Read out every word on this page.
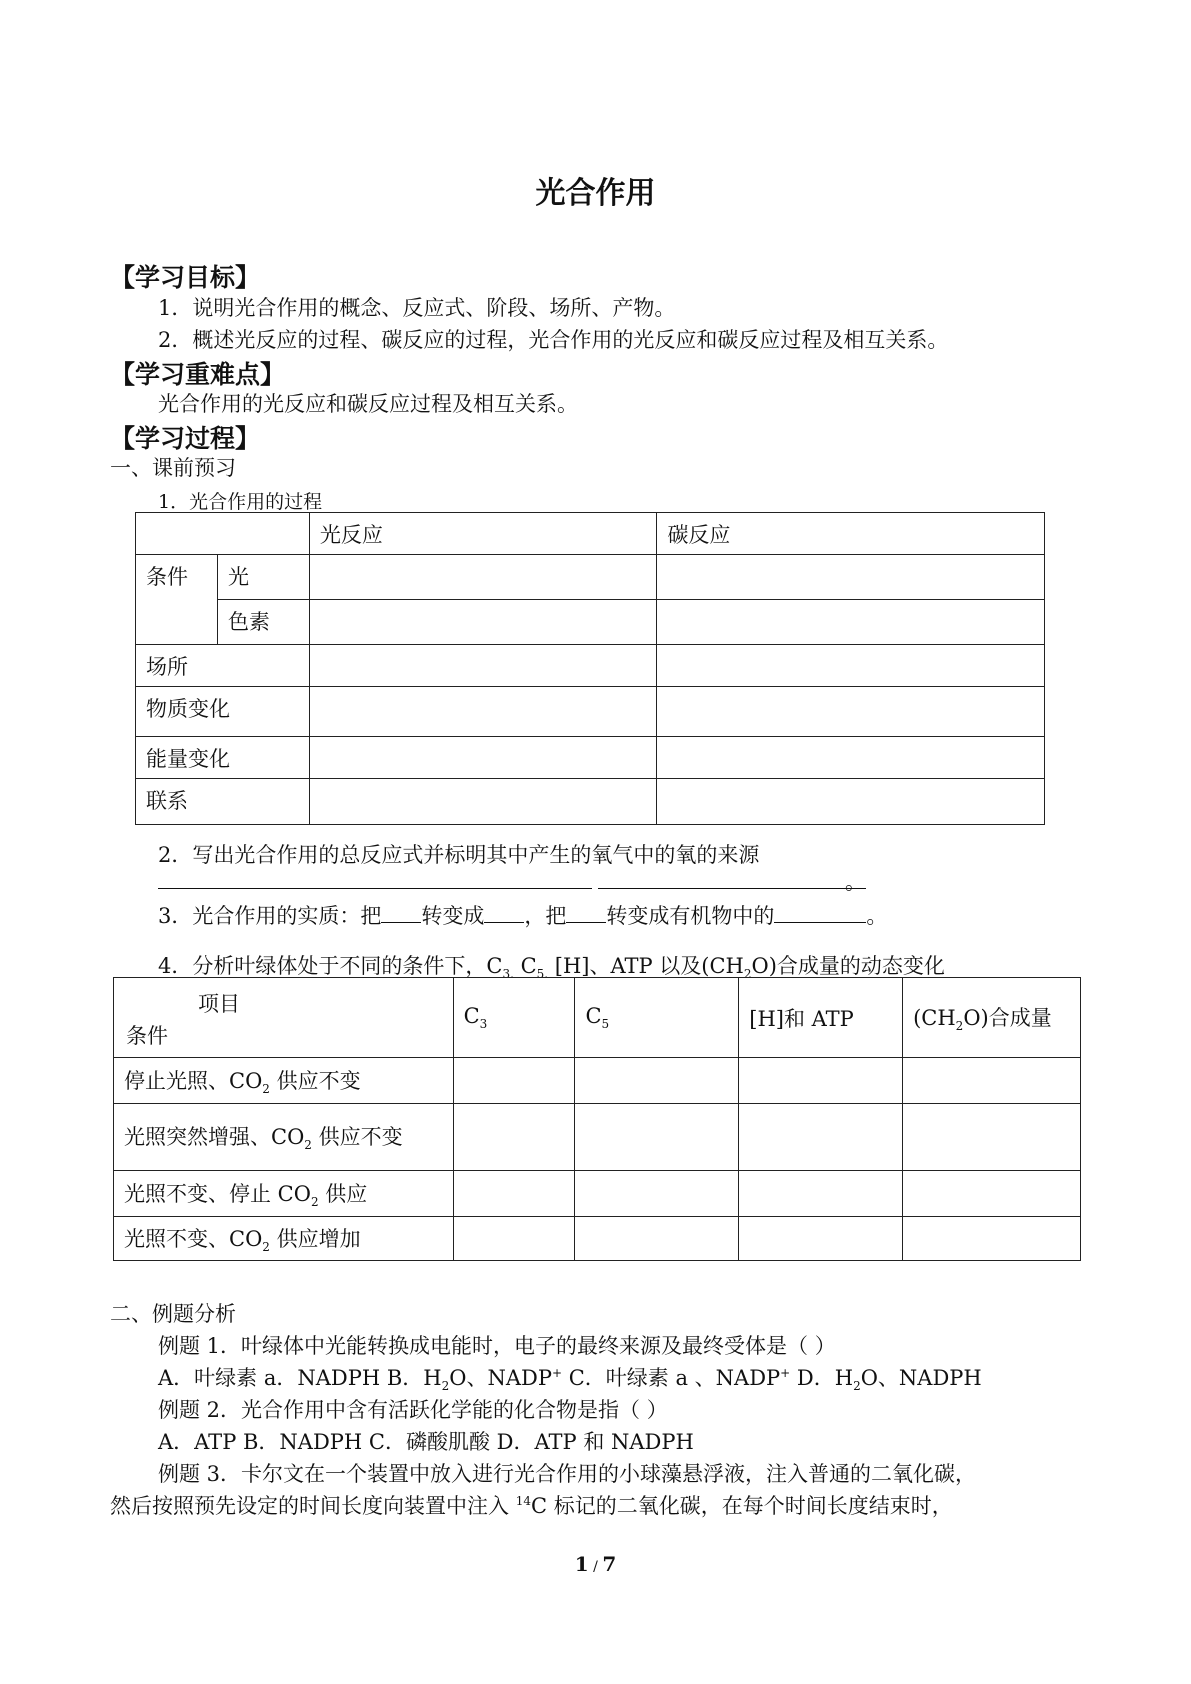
光合作用
【学习目标】
1．说明光合作用的概念、反应式、阶段、场所、产物。
2．概述光反应的过程、碳反应的过程，光合作用的光反应和碳反应过程及相互关系。
【学习重难点】
光合作用的光反应和碳反应过程及相互关系。
【学习过程】
一、课前预习
1．光合作用的过程
		光反应	碳反应
条件	光		
	色素		
场所			
物质变化			
能量变化			
联系			
2．写出光合作用的总反应式并标明其中产生的氧气中的氧的来源
。
3．光合作用的实质：把 转变成 ，把 转变成有机物中的	。
4．分析叶绿体处于不同的条件下，$C_{3.}$ $C_{5.}$ [H]、ATP 以及$(CH_2O)$合成量的动态变化
项目
条件	$C_3$	$C_5$	[H]和 ATP	$(CH_2O)$合成量
停止光照、$CO_2$ 供应不变				
光照突然增强、$CO_2$ 供应不变				
光照不变、停止 $CO_2$ 供应				
光照不变、$CO_2$ 供应增加				
二、例题分析
例题 1．叶绿体中光能转换成电能时，电子的最终来源及最终受体是（ ）
A．叶绿素 a．NADPH B．$H_2O$、NADP+ C．叶绿素 a 、NADP+ D．$H_2O$、NADPH
例题 2．光合作用中含有活跃化学能的化合物是指（ ）
A．ATP B．NADPH C．磷酸肌酸 D．ATP 和 NADPH
例题 3．卡尔文在一个装置中放入进行光合作用的小球藻悬浮液，注入普通的二氧化碳，
然后按照预先设定的时间长度向装置中注入 $^{14}$C 标记的二氧化碳，在每个时间长度结束时，
1 / 7
